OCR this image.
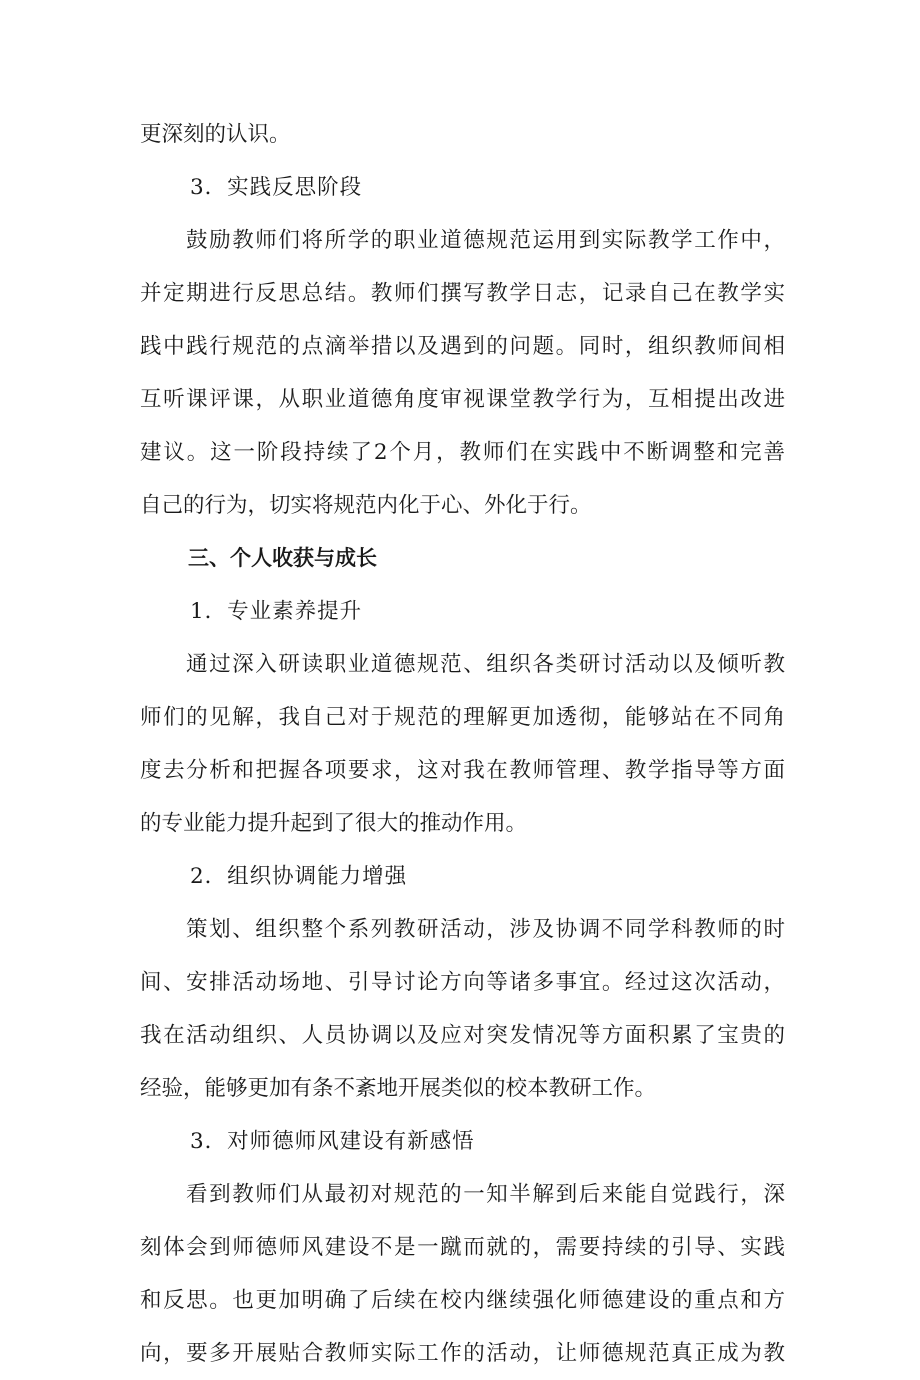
更深刻的认识。
3．实践反思阶段
鼓励教师们将所学的职业道德规范运用到实际教学工作中，
并定期进行反思总结。教师们撰写教学日志，记录自己在教学实
践中践行规范的点滴举措以及遇到的问题。同时，组织教师间相
互听课评课，从职业道德角度审视课堂教学行为，互相提出改进
建议。这一阶段持续了2个月，教师们在实践中不断调整和完善
自己的行为，切实将规范内化于心、外化于行。
三、个人收获与成长
1．专业素养提升
通过深入研读职业道德规范、组织各类研讨活动以及倾听教
师们的见解，我自己对于规范的理解更加透彻，能够站在不同角
度去分析和把握各项要求，这对我在教师管理、教学指导等方面
的专业能力提升起到了很大的推动作用。
2．组织协调能力增强
策划、组织整个系列教研活动，涉及协调不同学科教师的时
间、安排活动场地、引导讨论方向等诸多事宜。经过这次活动，
我在活动组织、人员协调以及应对突发情况等方面积累了宝贵的
经验，能够更加有条不紊地开展类似的校本教研工作。
3．对师德师风建设有新感悟
看到教师们从最初对规范的一知半解到后来能自觉践行，深
刻体会到师德师风建设不是一蹴而就的，需要持续的引导、实践
和反思。也更加明确了后续在校内继续强化师德建设的重点和方
向，要多开展贴合教师实际工作的活动，让师德规范真正成为教
